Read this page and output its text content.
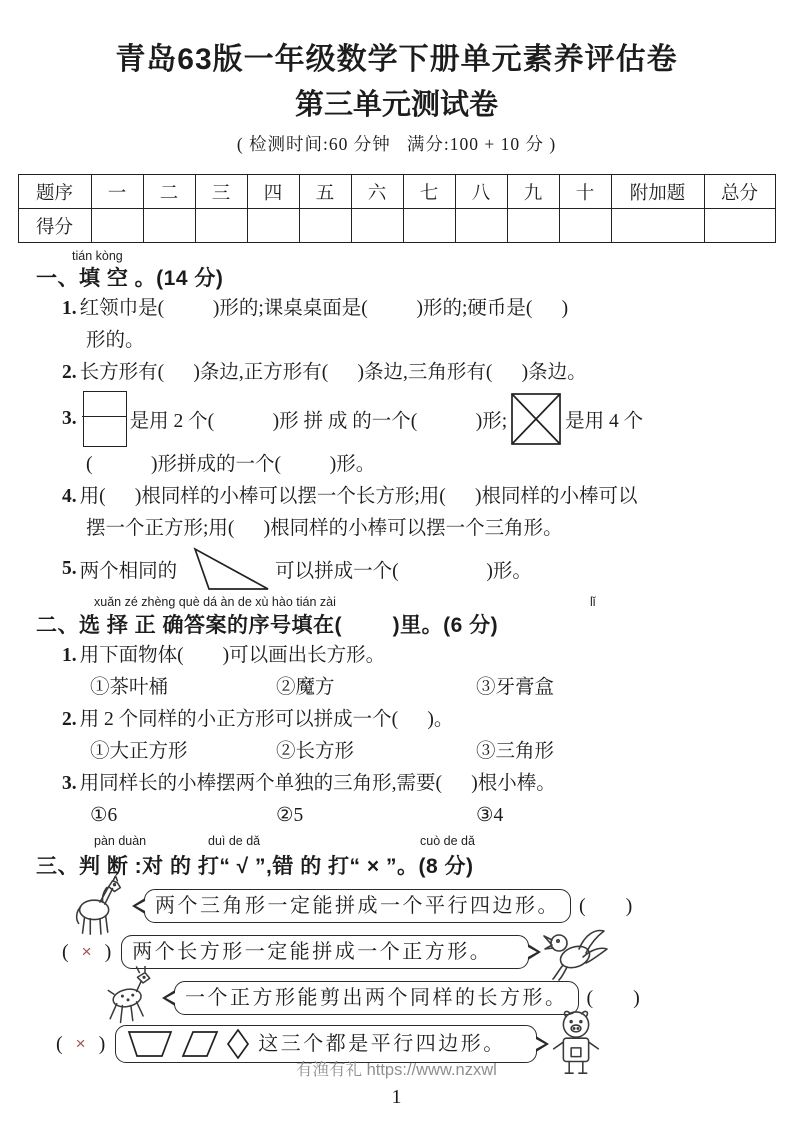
青岛63版一年级数学下册单元素养评估卷
第三单元测试卷
( 检测时间:60 分钟   满分:100 + 10 分 )
题序	一	二	三	四	五	六	七	八	九	十	附加题	总分
得分												
tián kòng
一、填 空 。(14 分)
1. 红领巾是(          )形的;课桌桌面是(          )形的;硬币是(      )
形的。
2. 长方形有(      )条边,正方形有(      )条边,三角形有(      )条边。
3.	是用 2 个(            )形 拼 成 的一个(            )形;	是用 4 个
(            )形拼成的一个(          )形。
4. 用(      )根同样的小棒可以摆一个长方形;用(      )根同样的小棒可以
摆一个正方形;用(      )根同样的小棒可以摆一个三角形。
5. 两个相同的	可以拼成一个(                  )形。
xuǎn zé zhèng què dá àn de xù hào tián zài	lǐ
二、选 择 正 确答案的序号填在(        )里。(6 分)
1. 用下面物体(        )可以画出长方形。
①茶叶桶	②魔方	③牙膏盒
2. 用 2 个同样的小正方形可以拼成一个(      )。
①大正方形	②长方形	③三角形
3. 用同样长的小棒摆两个单独的三角形,需要(      )根小棒。
①6	②5	③4
pàn duàn	duì de dǎ	cuò de dǎ
三、判 断 :对 的 打“ √ ”,错 的 打“ × ”。(8 分)
两个三角形一定能拼成一个平行四边形。 (        )
( × ) 两个长方形一定能拼成一个正方形。
一个正方形能剪出两个同样的长方形。 (        )
( × )	这三个都是平行四边形。
有渔有礼 https://www.nzxwl
1
